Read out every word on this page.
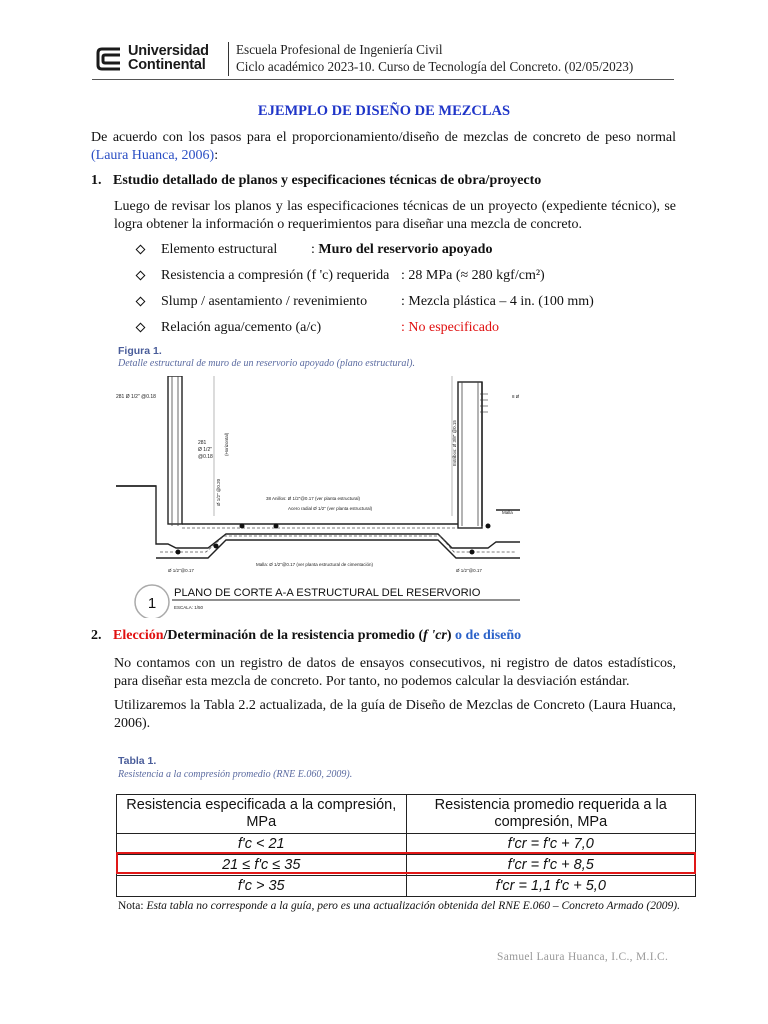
Universidad
Continental
Escuela Profesional de Ingeniería Civil
Ciclo académico 2023-10. Curso de Tecnología del Concreto. (02/05/2023)
EJEMPLO DE DISEÑO DE MEZCLAS
De acuerdo con los pasos para el proporcionamiento/diseño de mezclas de concreto de peso normal (Laura Huanca, 2006):
1. Estudio detallado de planos y especificaciones técnicas de obra/proyecto
Luego de revisar los planos y las especificaciones técnicas de un proyecto (expediente técnico), se logra obtener la información o requerimientos para diseñar una mezcla de concreto.
Elemento estructural : Muro del reservorio apoyado
Resistencia a compresión (f 'c) requerida : 28 MPa (≈ 280 kgf/cm²)
Slump / asentamiento / revenimiento : Mezcla plástica – 4 in. (100 mm)
Relación agua/cemento (a/c)	: No especificado
Figura 1.
Detalle estructural de muro de un reservorio apoyado (plano estructural).
281 Ø 1/2" @0.18
281
Ø 1/2"
@0.18
38 Anillos: Ø 1/2"@0.17 (ver planta estructural)
Acero radial Ø 1/2" (ver planta estructural)
Malla: Ø 1/2"@0.17 (ver planta estructural de cimentación)
Ø 1/2"@0.17	Ø 1/2"@0.17
Malla
8 Ø
Estribos: Ø 3/8" @0.15
(Horizontal)
Ø 1/2" @0.20
1
PLANO DE CORTE A-A ESTRUCTURAL DEL RESERVORIO
ESCALA: 1/50
2. Elección/Determinación de la resistencia promedio (f 'cr) o de diseño
No contamos con un registro de datos de ensayos consecutivos, ni registro de datos estadísticos, para diseñar esta mezcla de concreto. Por tanto, no podemos calcular la desviación estándar.
Utilizaremos la Tabla 2.2 actualizada, de la guía de Diseño de Mezclas de Concreto (Laura Huanca, 2006).
Tabla 1.
Resistencia a la compresión promedio (RNE E.060, 2009).
Resistencia especificada a la compresión, MPa	Resistencia promedio requerida a la compresión, MPa
f'c < 21	f'cr = f'c + 7,0
21 ≤ f'c ≤ 35	f'cr = f'c + 8,5
f'c > 35	f'cr = 1,1 f'c + 5,0
Nota: Esta tabla no corresponde a la guía, pero es una actualización obtenida del RNE E.060 – Concreto Armado (2009).
Samuel Laura Huanca, I.C., M.I.C.
